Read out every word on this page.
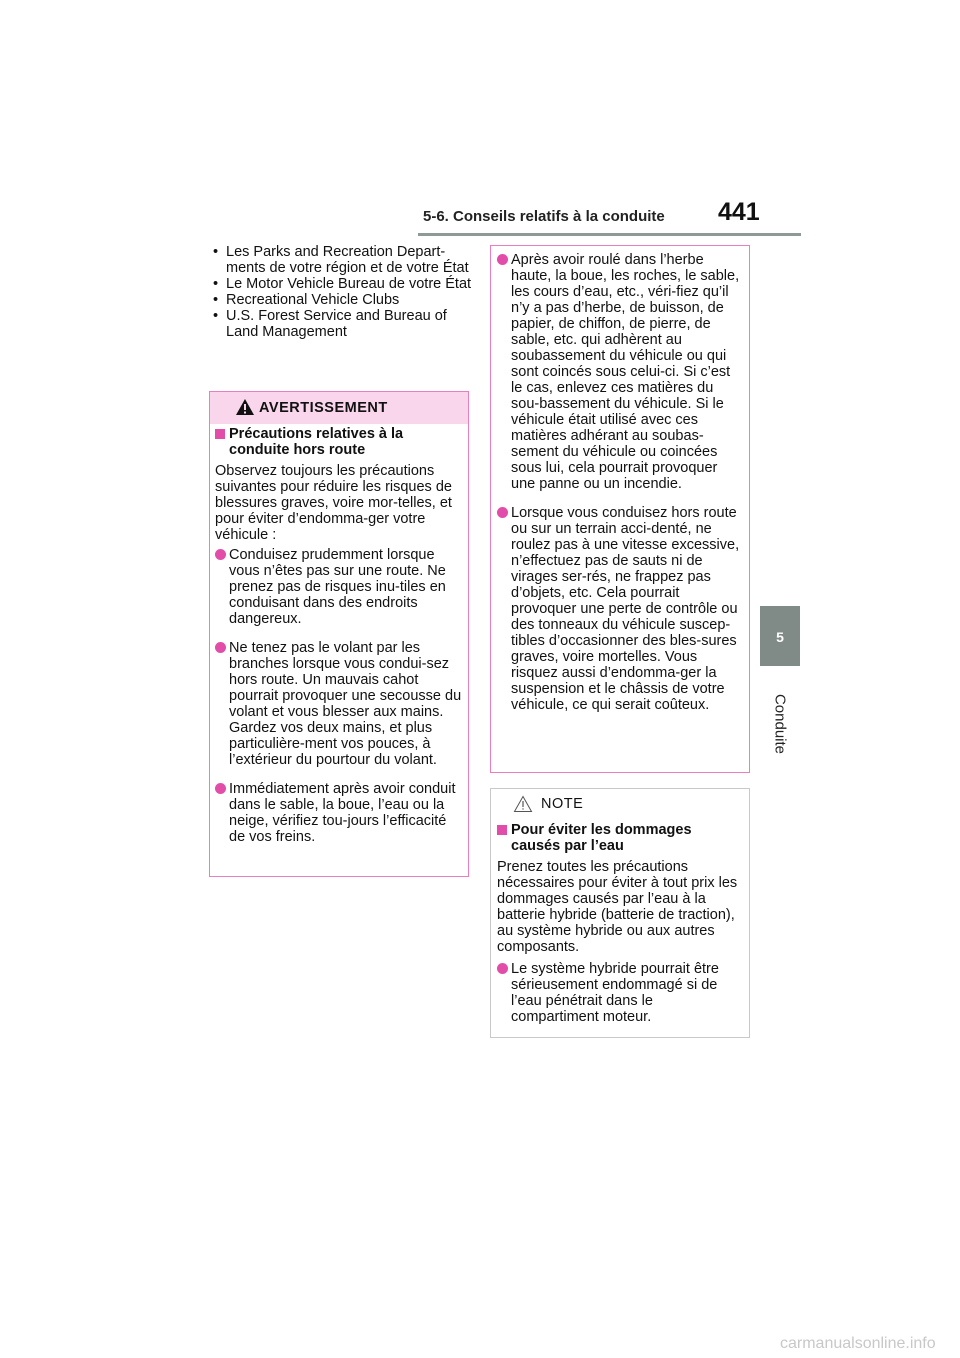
5-6. Conseils relatifs à la conduite 441
5
Conduite
• Les Parks and Recreation Depart-ments de votre région et de votre État
• Le Motor Vehicle Bureau de votre État
• Recreational Vehicle Clubs
• U.S. Forest Service and Bureau of Land Management
AVERTISSEMENT
Précautions relatives à la conduite hors route
Observez toujours les précautions suivantes pour réduire les risques de blessures graves, voire mor-telles, et pour éviter d’endomma-ger votre véhicule :
Conduisez prudemment lorsque vous n’êtes pas sur une route. Ne prenez pas de risques inu-tiles en conduisant dans des endroits dangereux.
Ne tenez pas le volant par les branches lorsque vous condui-sez hors route. Un mauvais cahot pourrait provoquer une secousse du volant et vous blesser aux mains. Gardez vos deux mains, et plus particulière-ment vos pouces, à l’extérieur du pourtour du volant.
Immédiatement après avoir conduit dans le sable, la boue, l’eau ou la neige, vérifiez tou-jours l’efficacité de vos freins.
Après avoir roulé dans l’herbe haute, la boue, les roches, le sable, les cours d’eau, etc., véri-fiez qu’il n’y a pas d’herbe, de buisson, de papier, de chiffon, de pierre, de sable, etc. qui adhèrent au soubassement du véhicule ou qui sont coincés sous celui-ci. Si c’est le cas, enlevez ces matières du sou-bassement du véhicule. Si le véhicule était utilisé avec ces matières adhérant au soubas-sement du véhicule ou coincées sous lui, cela pourrait provoquer une panne ou un incendie.
Lorsque vous conduisez hors route ou sur un terrain acci-denté, ne roulez pas à une vitesse excessive, n’effectuez pas de sauts ni de virages ser-rés, ne frappez pas d’objets, etc. Cela pourrait provoquer une perte de contrôle ou des tonneaux du véhicule suscep-tibles d’occasionner des bles-sures graves, voire mortelles. Vous risquez aussi d’endomma-ger la suspension et le châssis de votre véhicule, ce qui serait coûteux.
NOTE
Pour éviter les dommages causés par l’eau
Prenez toutes les précautions nécessaires pour éviter à tout prix les dommages causés par l’eau à la batterie hybride (batterie de traction), au système hybride ou aux autres composants.
Le système hybride pourrait être sérieusement endommagé si de l’eau pénétrait dans le compartiment moteur.
carmanualsonline.info
